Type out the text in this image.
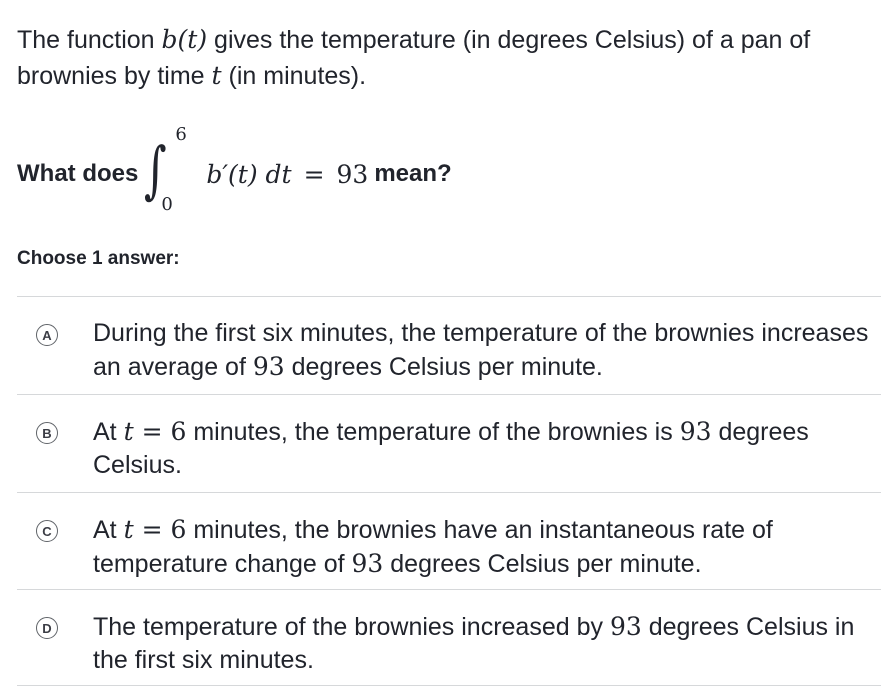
The function b(t) gives the temperature (in degrees Celsius) of a pan of brownies by time t (in minutes).
What does ∫ 6
0
b′(t) dt = 93 mean?
Choose 1 answer:
A During the first six minutes, the temperature of the brownies increases an average of 93 degrees Celsius per minute.
B At t = 6 minutes, the temperature of the brownies is 93 degrees Celsius.
C At t = 6 minutes, the brownies have an instantaneous rate of temperature change of 93 degrees Celsius per minute.
D The temperature of the brownies increased by 93 degrees Celsius in the first six minutes.
